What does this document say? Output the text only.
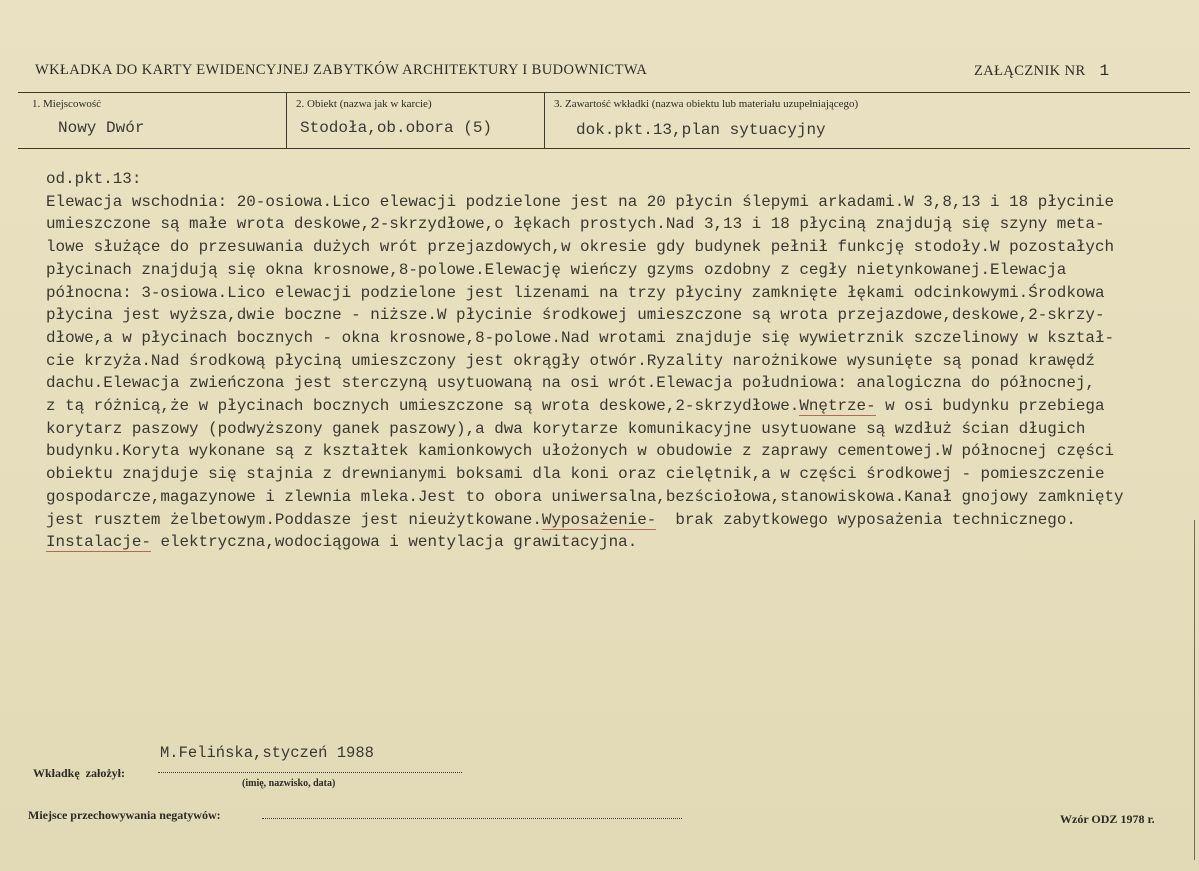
WKŁADKA DO KARTY EWIDENCYJNEJ ZABYTKÓW ARCHITEKTURY I BUDOWNICTWA	ZAŁĄCZNIK NR 1
1. Miejscowość
Nowy Dwór
2. Obiekt (nazwa jak w karcie)
Stodoła,ob.obora (5)
3. Zawartość wkładki (nazwa obiektu lub materiału uzupełniającego)
dok.pkt.13,plan sytuacyjny
od.pkt.13:
Elewacja wschodnia: 20-osiowa.Lico elewacji podzielone jest na 20 płycin ślepymi arkadami.W 3,8,13 i 18 płycinie
umieszczone są małe wrota deskowe,2-skrzydłowe,o łękach prostych.Nad 3,13 i 18 płyciną znajdują się szyny meta-
lowe służące do przesuwania dużych wrót przejazdowych,w okresie gdy budynek pełnił funkcję stodoły.W pozostałych
płycinach znajdują się okna krosnowe,8-polowe.Elewację wieńczy gzyms ozdobny z cegły nietynkowanej.Elewacja
północna: 3-osiowa.Lico elewacji podzielone jest lizenami na trzy płyciny zamknięte łękami odcinkowymi.Środkowa
płycina jest wyższa,dwie boczne - niższe.W płycinie środkowej umieszczone są wrota przejazdowe,deskowe,2-skrzy-
dłowe,a w płycinach bocznych - okna krosnowe,8-polowe.Nad wrotami znajduje się wywietrznik szczelinowy w kształ-
cie krzyża.Nad środkową płyciną umieszczony jest okrągły otwór.Ryzality narożnikowe wysunięte są ponad krawędź
dachu.Elewacja zwieńczona jest sterczyną usytuowaną na osi wrót.Elewacja południowa: analogiczna do północnej,
z tą różnicą,że w płycinach bocznych umieszczone są wrota deskowe,2-skrzydłowe.Wnętrze- w osi budynku przebiega
korytarz paszowy (podwyższony ganek paszowy),a dwa korytarze komunikacyjne usytuowane są wzdłuż ścian długich
budynku.Koryta wykonane są z kształtek kamionkowych ułożonych w obudowie z zaprawy cementowej.W północnej części
obiektu znajduje się stajnia z drewnianymi boksami dla koni oraz cielętnik,a w części środkowej - pomieszczenie
gospodarcze,magazynowe i zlewnia mleka.Jest to obora uniwersalna,bezściołowa,stanowiskowa.Kanał gnojowy zamknięty
jest rusztem żelbetowym.Poddasze jest nieużytkowane.Wyposażenie-  brak zabytkowego wyposażenia technicznego.
Instalacje- elektryczna,wodociągowa i wentylacja grawitacyjna.
M.Felińska,styczeń 1988
Wkładkę  założył:
(imię, nazwisko, data)
Miejsce przechowywania negatywów:	Wzór ODZ 1978 r.
